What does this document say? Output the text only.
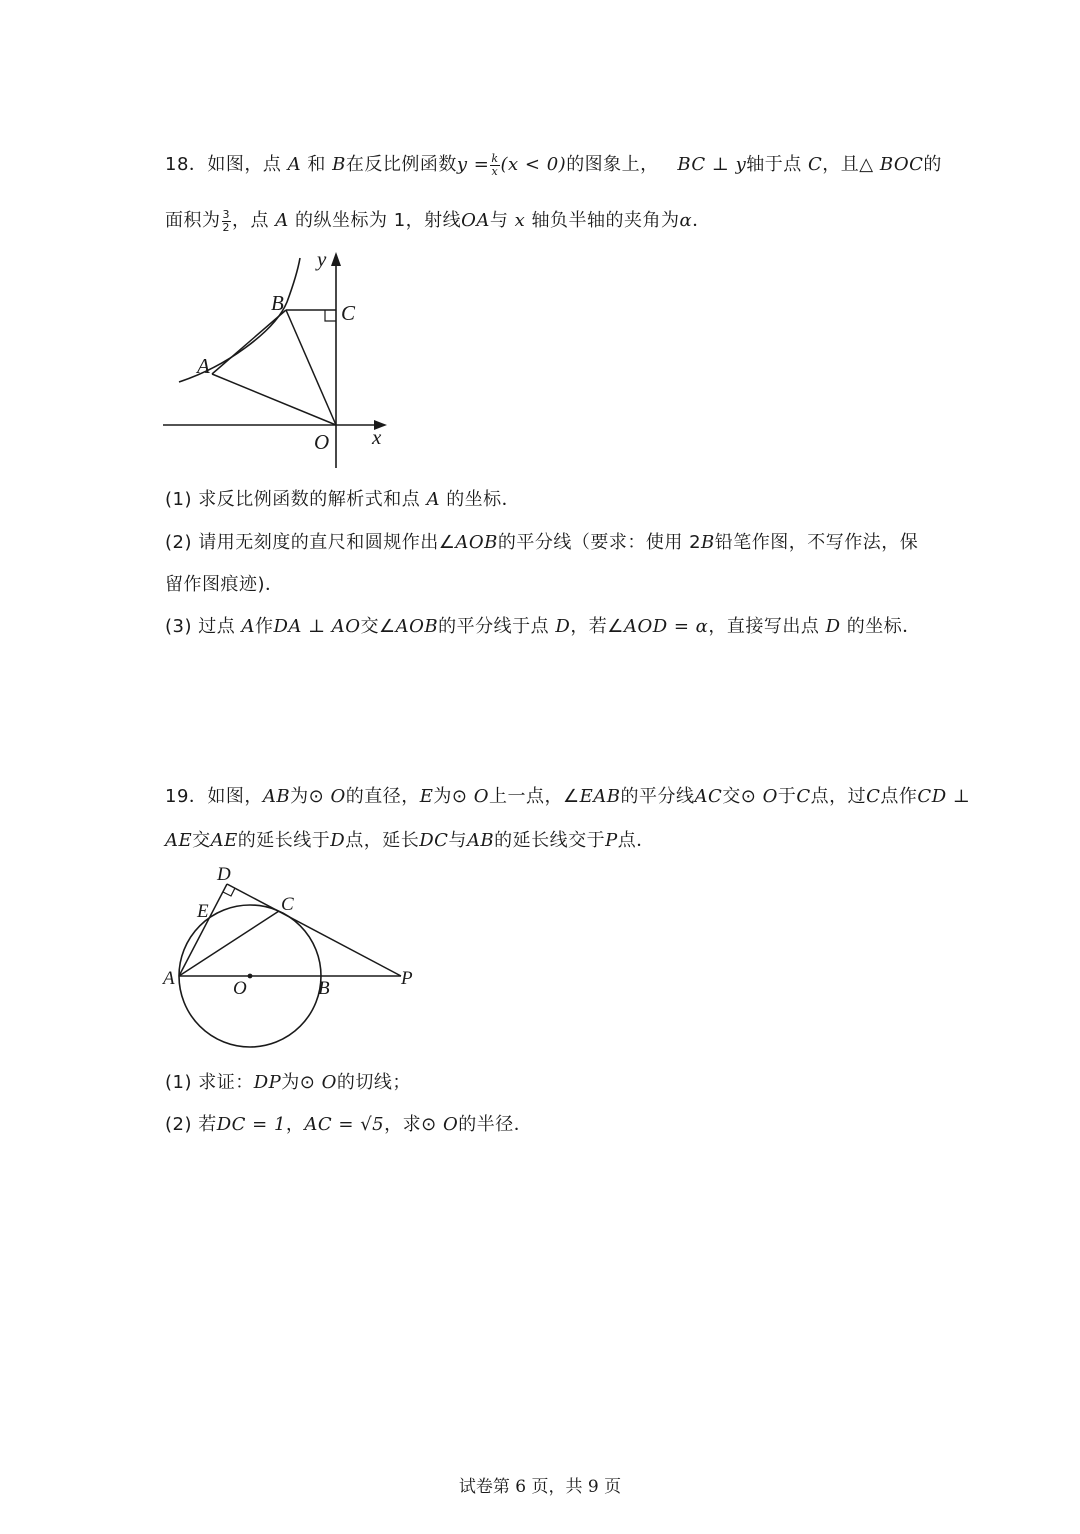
18．如图，点 A 和 B在反比例函数$y = \frac{k}{x} (x < 0)$的图象上， BC ⊥ y轴于点 C，且△ BOC的
面积为 $\frac{3}{2}$ ，点 A 的纵坐标为 1，射线OA与 x 轴负半轴的夹角为α．
y
B	C
A
O x
(1) 求反比例函数的解析式和点 A 的坐标．
(2) 请用无刻度的直尺和圆规作出∠AOB的平分线（要求：使用 2B铅笔作图，不写作法，保
留作图痕迹)．
(3) 过点 A作DA ⊥ AO交∠AOB的平分线于点 D，若∠AOD = α，直接写出点 D 的坐标．
19．如图，AB为⊙ O的直径，E为⊙ O上一点，∠EAB的平分线AC交⊙ O于C点，过C点作CD ⊥
AE交AE的延长线于D点，延长DC与AB的延长线交于P点．
D
E	C
A	O	B	P
(1) 求证：DP为⊙ O的切线；
(2) 若DC = 1，AC = √5，求⊙ O的半径．
试卷第 6 页，共 9 页
